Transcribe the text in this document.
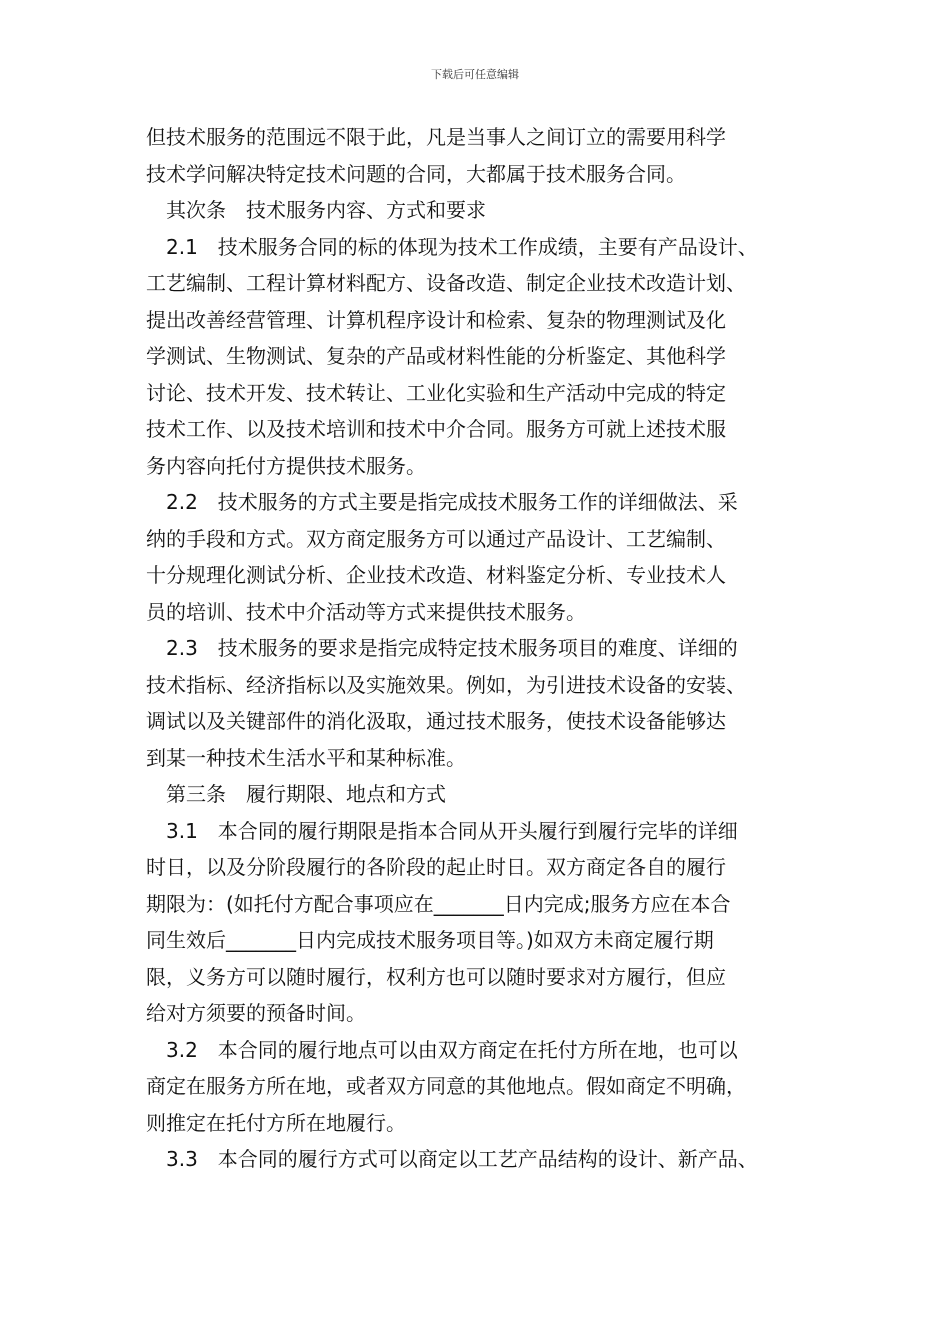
下载后可任意编辑
但技术服务的范围远不限于此，凡是当事人之间订立的需要用科学
技术学问解决特定技术问题的合同，大都属于技术服务合同。
其次条　技术服务内容、方式和要求
2.1　技术服务合同的标的体现为技术工作成绩，主要有产品设计、
工艺编制、工程计算材料配方、设备改造、制定企业技术改造计划、
提出改善经营管理、计算机程序设计和检索、复杂的物理测试及化
学测试、生物测试、复杂的产品或材料性能的分析鉴定、其他科学
讨论、技术开发、技术转让、工业化实验和生产活动中完成的特定
技术工作、以及技术培训和技术中介合同。服务方可就上述技术服
务内容向托付方提供技术服务。
2.2　技术服务的方式主要是指完成技术服务工作的详细做法、采
纳的手段和方式。双方商定服务方可以通过产品设计、工艺编制、
十分规理化测试分析、企业技术改造、材料鉴定分析、专业技术人
员的培训、技术中介活动等方式来提供技术服务。
2.3　技术服务的要求是指完成特定技术服务项目的难度、详细的
技术指标、经济指标以及实施效果。例如，为引进技术设备的安装、
调试以及关键部件的消化汲取，通过技术服务，使技术设备能够达
到某一种技术生活水平和某种标准。
第三条　履行期限、地点和方式
3.1　本合同的履行期限是指本合同从开头履行到履行完毕的详细
时日，以及分阶段履行的各阶段的起止时日。双方商定各自的履行
期限为：(如托付方配合事项应在_______日内完成;服务方应在本合
同生效后_______日内完成技术服务项目等。)如双方未商定履行期
限，义务方可以随时履行，权利方也可以随时要求对方履行，但应
给对方须要的预备时间。
3.2　本合同的履行地点可以由双方商定在托付方所在地，也可以
商定在服务方所在地，或者双方同意的其他地点。假如商定不明确，
则推定在托付方所在地履行。
3.3　本合同的履行方式可以商定以工艺产品结构的设计、新产品、
